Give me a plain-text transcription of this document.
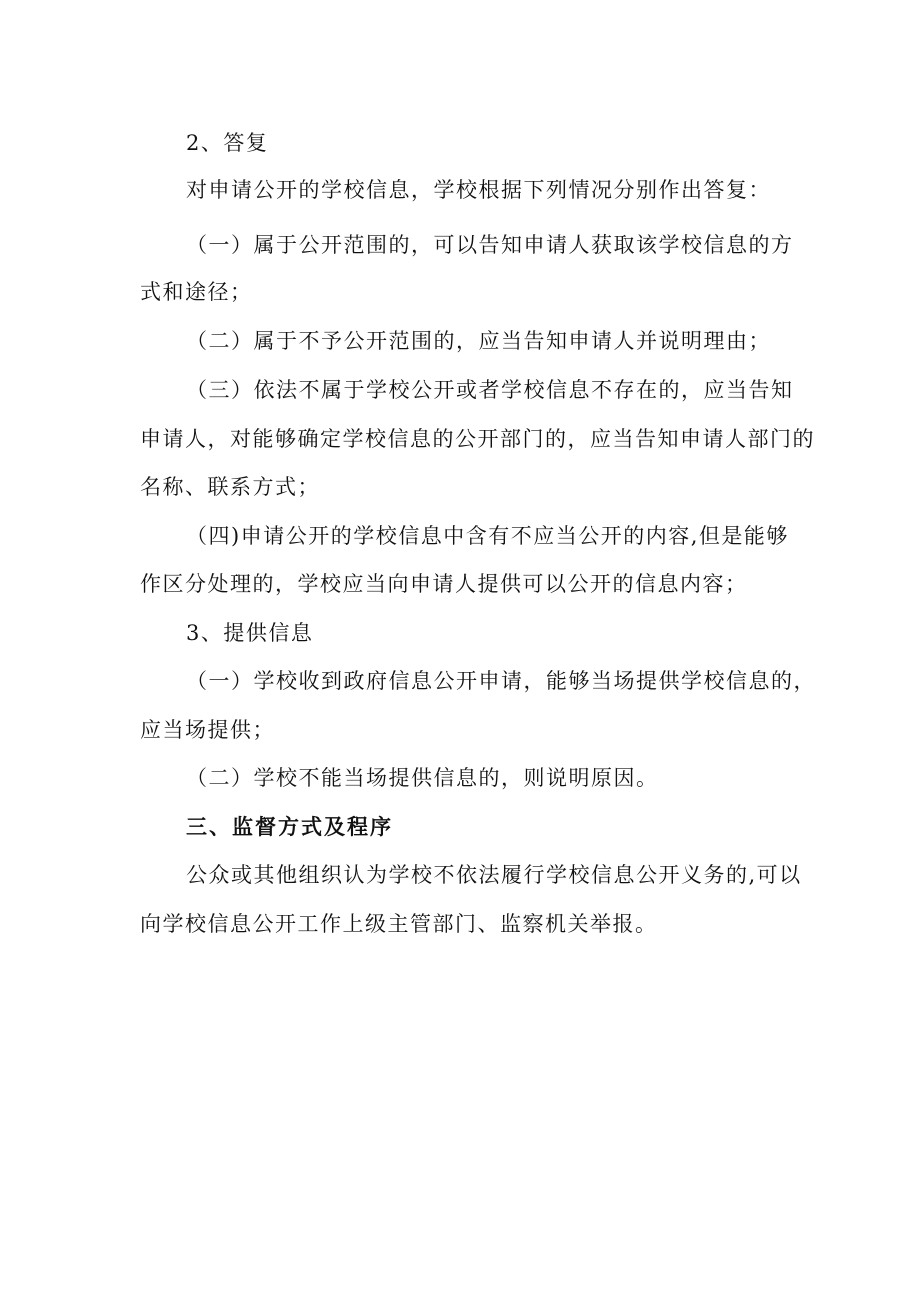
2、答复

对申请公开的学校信息，学校根据下列情况分别作出答复：

（一）属于公开范围的，可以告知申请人获取该学校信息的方

式和途径；

（二）属于不予公开范围的，应当告知申请人并说明理由；

（三）依法不属于学校公开或者学校信息不存在的，应当告知

申请人，对能够确定学校信息的公开部门的，应当告知申请人部门的

名称、联系方式；

（四)申请公开的学校信息中含有不应当公开的内容,但是能够

作区分处理的，学校应当向申请人提供可以公开的信息内容；

3、提供信息

（一）学校收到政府信息公开申请，能够当场提供学校信息的，

应当场提供；

（二）学校不能当场提供信息的，则说明原因。

三、监督方式及程序

公众或其他组织认为学校不依法履行学校信息公开义务的,可以

向学校信息公开工作上级主管部门、监察机关举报。
